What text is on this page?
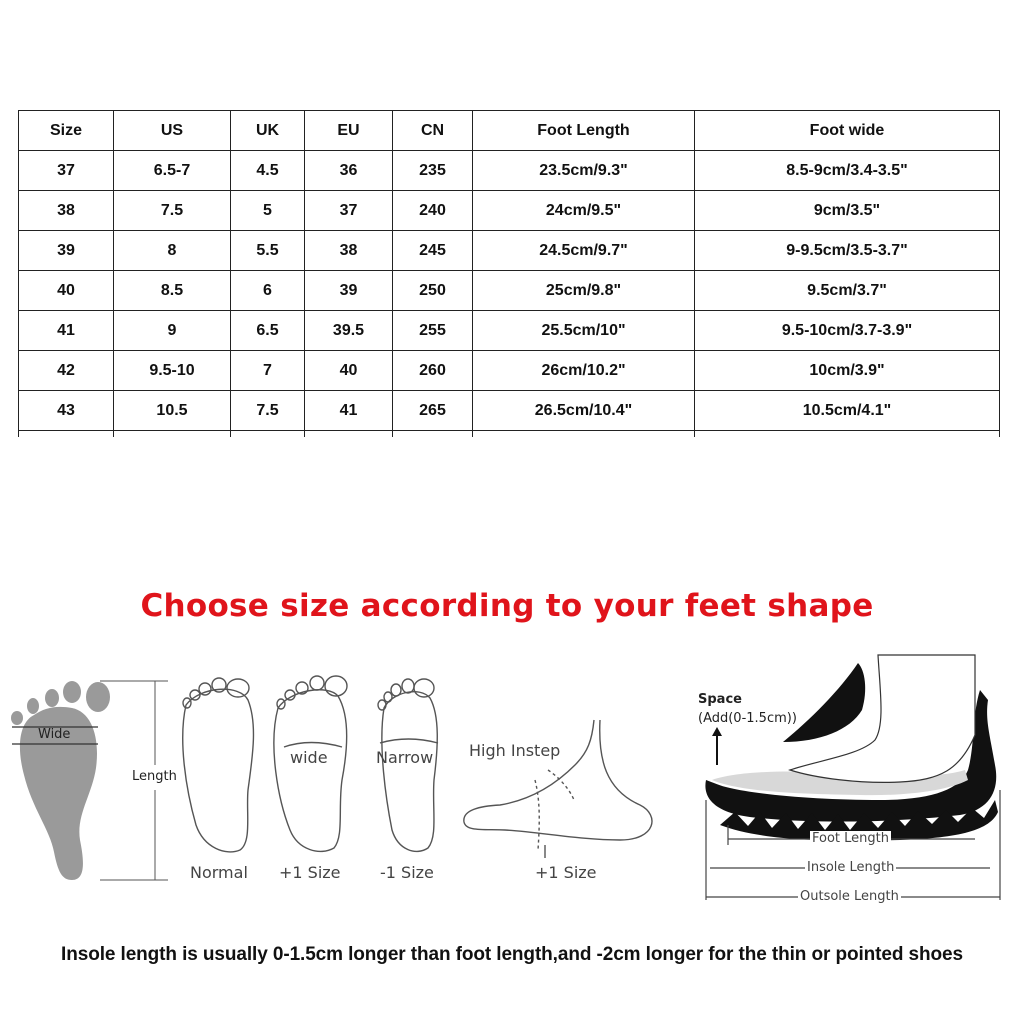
Size	US	UK	EU	CN	Foot Length	Foot wide
37	6.5-7	4.5	36	235	23.5cm/9.3"	8.5-9cm/3.4-3.5"
38	7.5	5	37	240	24cm/9.5"	9cm/3.5"
39	8	5.5	38	245	24.5cm/9.7"	9-9.5cm/3.5-3.7"
40	8.5	6	39	250	25cm/9.8"	9.5cm/3.7"
41	9	6.5	39.5	255	25.5cm/10"	9.5-10cm/3.7-3.9"
42	9.5-10	7	40	260	26cm/10.2"	10cm/3.9"
43	10.5	7.5	41	265	26.5cm/10.4"	10.5cm/4.1"

Choose size according to your feet shape
Wide
Length
wide	Narrow High Instep
Normal +1 Size -1 Size	+1 Size
Space
(Add(0-1.5cm))
Foot Length
Insole Length
Outsole Length
Insole length is usually 0-1.5cm longer than foot length,and -2cm longer for the thin or pointed shoes
